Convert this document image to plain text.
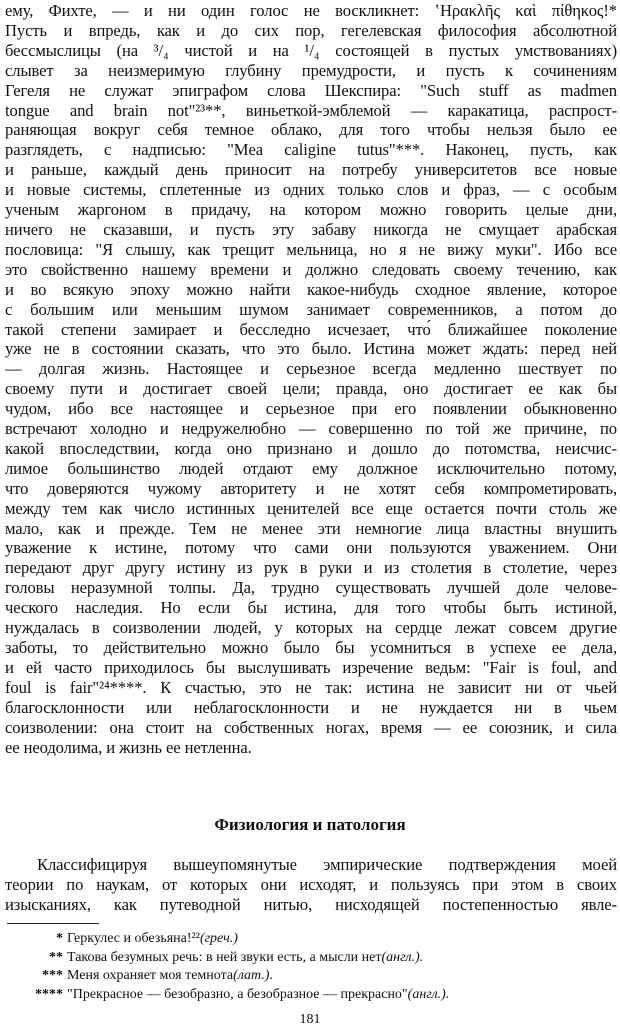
ему, Фихте, — и ни один голос не воскликнет: ʽΗρακλῆς καὶ πίθηκος!*
Пусть и впредь, как и до сих пор, гегелевская философия абсолютной
бессмыслицы (на ³/₄ чистой и на ¹/₄ состоящей в пустых умствованиях)
слывет за неизмеримую глубину премудрости, и пусть к сочинениям
Гегеля не служат эпиграфом слова Шекспира: "Such stuff as madmen
tongue and brain not"²³**, виньеткой-эмблемой — каракатица, распрост-
раняющая вокруг себя темное облако, для того чтобы нельзя было ее
разглядеть, с надписью: "Mea caligine tutus"***. Наконец, пусть, как
и раньше, каждый день приносит на потребу университетов все новые
и новые системы, сплетенные из одних только слов и фраз, — с особым
ученым жаргоном в придачу, на котором можно говорить целые дни,
ничего не сказавши, и пусть эту забаву никогда не смущает арабская
пословица: "Я слышу, как трещит мельница, но я не вижу муки". Ибо все
это свойственно нашему времени и должно следовать своему течению, как
и во всякую эпоху можно найти какое-нибудь сходное явление, которое
с большим или меньшим шумом занимает современников, а потом до
такой степени замирает и бесследно исчезает, что́ ближайшее поколение
уже не в состоянии сказать, что это было. Истина может ждать: перед ней
— долгая жизнь. Настоящее и серьезное всегда медленно шествует по
своему пути и достигает своей цели; правда, оно достигает ее как бы
чудом, ибо все настоящее и серьезное при его появлении обыкновенно
встречают холодно и недружелюбно — совершенно по той же причине, по
какой впоследствии, когда оно признано и дошло до потомства, неисчис-
лимое большинство людей отдают ему должное исключительно потому,
что доверяются чужому авторитету и не хотят себя компрометировать,
между тем как число истинных ценителей все еще остается почти столь же
мало, как и прежде. Тем не менее эти немногие лица властны внушить
уважение к истине, потому что сами они пользуются уважением. Они
передают друг другу истину из рук в руки и из столетия в столетие, через
головы неразумной толпы. Да, трудно существовать лучшей доле челове-
ческого наследия. Но если бы истина, для того чтобы быть истиной,
нуждалась в соизволении людей, у которых на сердце лежат совсем другие
заботы, то действительно можно было бы усомниться в успехе ее дела,
и ей часто приходилось бы выслушивать изречение ведьм: "Fair is foul, and
foul is fair"²⁴****. К счастью, это не так: истина не зависит ни от чьей
благосклонности или неблагосклонности и не нуждается ни в чьем
соизволении: она стоит на собственных ногах, время — ее союзник, и сила
ее неодолима, и жизнь ее нетленна.
Физиология и патология
Классифицируя вышеупомянутые эмпирические подтверждения моей
теории по наукам, от которых они исходят, и пользуясь при этом в своих
изысканиях, как путеводной нитью, нисходящей постепенностью явле-
* Геркулес и обезьяна!²² (греч.)
** Такова безумных речь: в ней звуки есть, а мысли нет (англ.).
*** Меня охраняет моя темнота (лат.).
**** "Прекрасное — безобразно, а безобразное — прекрасно" (англ.).
181
